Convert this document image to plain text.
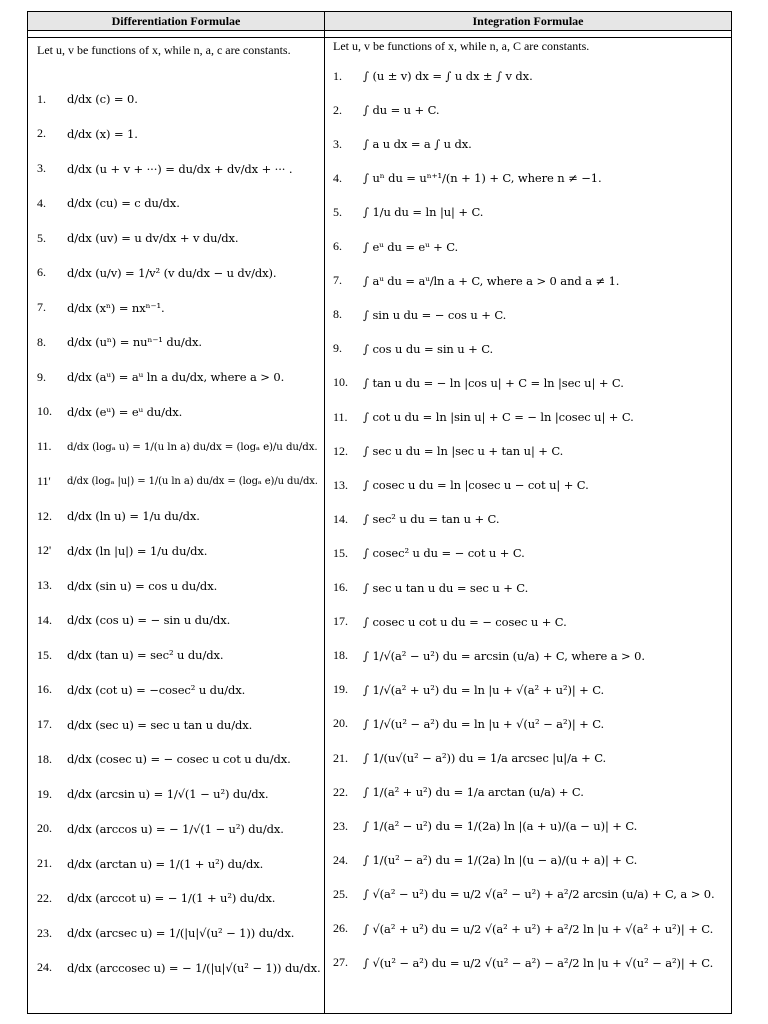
Differentiation Formulae	Integration Formulae
Let u, v be functions of x, while n, a, c are constants.	Let u, v be functions of x, while n, a, C are constants.
1.	d/dx (c) = 0.
2.	d/dx (x) = 1.
3.	d/dx (u + v + ···) = du/dx + dv/dx + ··· .
4.	d/dx (cu) = c du/dx.
5.	d/dx (uv) = u dv/dx + v du/dx.
6.	d/dx (u/v) = 1/v² (v du/dx − u dv/dx).
7.	d/dx (xⁿ) = nxⁿ⁻¹.
8.	d/dx (uⁿ) = nuⁿ⁻¹ du/dx.
9.	d/dx (aᵘ) = aᵘ ln a du/dx, where a > 0.
10.	d/dx (eᵘ) = eᵘ du/dx.
11.	d/dx (logₐ u) = 1/(u ln a) du/dx = (logₐ e)/u du/dx.
11'	d/dx (logₐ |u|) = 1/(u ln a) du/dx = (logₐ e)/u du/dx.
12.	d/dx (ln u) = 1/u du/dx.
12'	d/dx (ln |u|) = 1/u du/dx.
13.	d/dx (sin u) = cos u du/dx.
14.	d/dx (cos u) = − sin u du/dx.
15.	d/dx (tan u) = sec² u du/dx.
16.	d/dx (cot u) = −cosec² u du/dx.
17.	d/dx (sec u) = sec u tan u du/dx.
18.	d/dx (cosec u) = − cosec u cot u du/dx.
19.	d/dx (arcsin u) = 1/√(1 − u²) du/dx.
20.	d/dx (arccos u) = − 1/√(1 − u²) du/dx.
21.	d/dx (arctan u) = 1/(1 + u²) du/dx.
22.	d/dx (arccot u) = − 1/(1 + u²) du/dx.
23.	d/dx (arcsec u) = 1/(|u|√(u² − 1)) du/dx.
24.	d/dx (arccosec u) = − 1/(|u|√(u² − 1)) du/dx.
1.	∫ (u ± v) dx = ∫ u dx ± ∫ v dx.
2.	∫ du = u + C.
3.	∫ a u dx = a ∫ u dx.
4.	∫ uⁿ du = uⁿ⁺¹/(n + 1) + C, where n ≠ −1.
5.	∫ 1/u du = ln |u| + C.
6.	∫ eᵘ du = eᵘ + C.
7.	∫ aᵘ du = aᵘ/ln a + C, where a > 0 and a ≠ 1.
8.	∫ sin u du = − cos u + C.
9.	∫ cos u du = sin u + C.
10.	∫ tan u du = − ln |cos u| + C = ln |sec u| + C.
11.	∫ cot u du = ln |sin u| + C = − ln |cosec u| + C.
12.	∫ sec u du = ln |sec u + tan u| + C.
13.	∫ cosec u du = ln |cosec u − cot u| + C.
14.	∫ sec² u du = tan u + C.
15.	∫ cosec² u du = − cot u + C.
16.	∫ sec u tan u du = sec u + C.
17.	∫ cosec u cot u du = − cosec u + C.
18.	∫ 1/√(a² − u²) du = arcsin (u/a) + C, where a > 0.
19.	∫ 1/√(a² + u²) du = ln |u + √(a² + u²)| + C.
20.	∫ 1/√(u² − a²) du = ln |u + √(u² − a²)| + C.
21.	∫ 1/(u√(u² − a²)) du = 1/a arcsec |u|/a + C.
22.	∫ 1/(a² + u²) du = 1/a arctan (u/a) + C.
23.	∫ 1/(a² − u²) du = 1/(2a) ln |(a + u)/(a − u)| + C.
24.	∫ 1/(u² − a²) du = 1/(2a) ln |(u − a)/(u + a)| + C.
25.	∫ √(a² − u²) du = u/2 √(a² − u²) + a²/2 arcsin (u/a) + C, a > 0.
26.	∫ √(a² + u²) du = u/2 √(a² + u²) + a²/2 ln |u + √(a² + u²)| + C.
27.	∫ √(u² − a²) du = u/2 √(u² − a²) − a²/2 ln |u + √(u² − a²)| + C.
